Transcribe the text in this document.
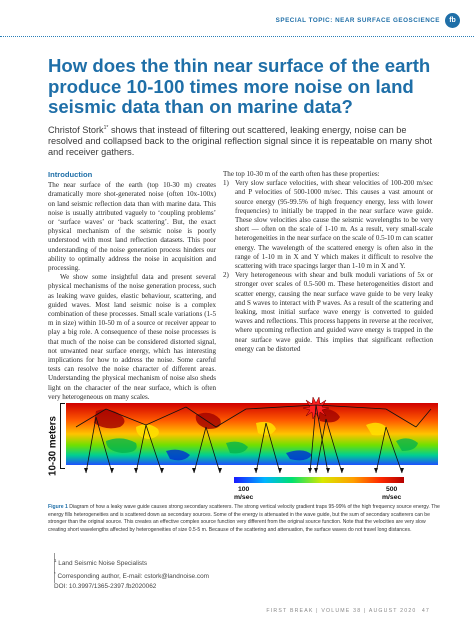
SPECIAL TOPIC: NEAR SURFACE GEOSCIENCE	fb
How does the thin near surface of the earth produce 10-100 times more noise on land seismic data than on marine data?

Christof Stork$^{1*}$ shows that instead of filtering out scattered, leaking energy, noise can be resolved and collapsed back to the original reflection signal since it is repeatable on many shot and receiver gathers.

Introduction

The near surface of the earth (top 10-30 m) creates dramatically more shot-generated noise (often 10x-100x) on land seismic reflection data than with marine data. This noise is usually attributed vaguely to ‘coupling problems’ or ‘surface waves’ or ‘back scattering’. But, the exact physical mechanism of the seismic noise is poorly understood with most land reflection datasets. This poor understanding of the noise generation process hinders our ability to optimally address the noise in acquisition and processing.

We show some insightful data and present several physical mechanisms of the noise generation process, such as leaking wave guides, elastic behaviour, scattering, and guided waves. Most land seismic noise is a complex combination of these processes. Small scale variations (1-5 m in size) within 10-50 m of a source or receiver appear to play a big role. A consequence of these noise processes is that much of the noise can be considered distorted signal, not unwanted near surface energy, which has interesting implications for how to address the noise. Some careful tests can resolve the noise character of different areas. Understanding the physical mechanism of noise also sheds light on the character of the near surface, which is often very heterogeneous on many scales.

The top 10-30 m of the earth often has these properties:

1) Very slow surface velocities, with shear velocities of 100-200 m/sec and P velocities of 500-1000 m/sec. This causes a vast amount or source energy (95-99.5% of high frequency energy, less with lower frequencies) to initially be trapped in the near surface wave guide. These slow velocities also cause the seismic wavelengths to be very short — often on the scale of 1-10 m. As a result, very small-scale heterogeneities in the near surface on the scale of 0.5-10 m can scatter energy. The wavelength of the scattered energy is often also in the range of 1-10 m in X and Y which makes it difficult to resolve the scattering with trace spacings larger than 1-10 m in X and Y.
2) Very heterogeneous with shear and bulk moduli variations of 5x or stronger over scales of 0.5-500 m. These heterogeneities distort and scatter energy, causing the near surface wave guide to be very leaky and S waves to interact with P waves. As a result of the scattering and leaking, most initial surface wave energy is converted to guided waves and reflections. This process happens in reverse at the receiver, where upcoming reflection and guided wave energy is trapped in the near surface wave guide. This implies that significant reflection energy can be distorted
10-30 meters
100
m/sec
500
m/sec

Figure 1 Diagram of how a leaky wave guide causes strong secondary scatterers. The strong vertical velocity gradient traps 95-99% of the high frequency source energy. The energy fills heterogeneities and is scattered down as secondary sources. Some of the energy is attenuated in the wave guide, but the sum of secondary scatterers can be stronger than the original source. This creates an effective complex source function very different from the original source function. Note that the velocities are very slow creating short wavelengths affected by heterogeneities of size 0.5-5 m. Because of the scattering and attenuation, the surface waves do not travel long distances.

$^1$ Land Seismic Noise Specialists
* Corresponding author, E-mail: cstork@landnoise.com
DOI: 10.3997/1365-2397.fb2020062
FIRST BREAK | VOLUME 38 | AUGUST 2020 47
